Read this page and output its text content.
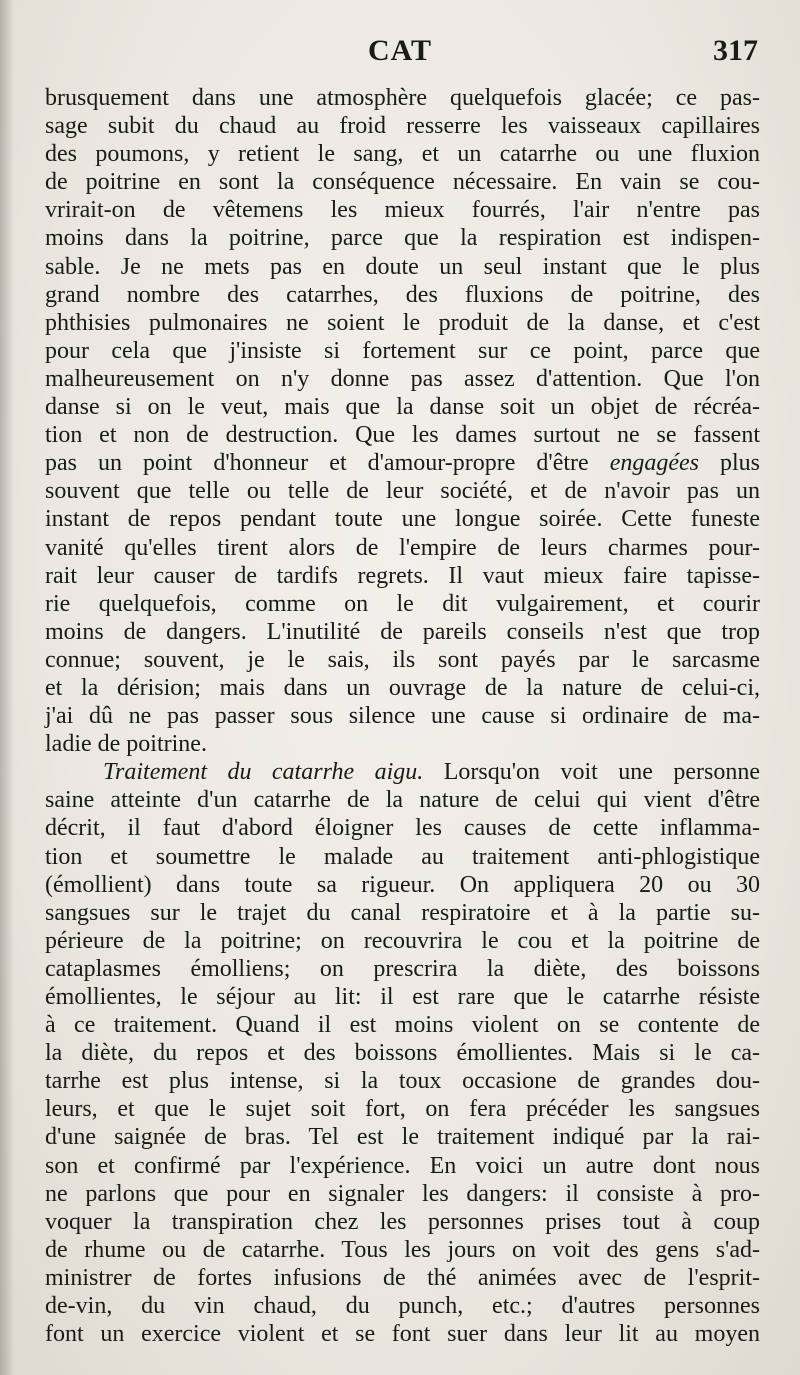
CAT	317
brusquement dans une atmosphère quelquefois glacée; ce pas-
sage subit du chaud au froid resserre les vaisseaux capillaires
des poumons, y retient le sang, et un catarrhe ou une fluxion
de poitrine en sont la conséquence nécessaire. En vain se cou-
vrirait-on de vêtemens les mieux fourrés, l'air n'entre pas
moins dans la poitrine, parce que la respiration est indispen-
sable. Je ne mets pas en doute un seul instant que le plus
grand nombre des catarrhes, des fluxions de poitrine, des
phthisies pulmonaires ne soient le produit de la danse, et c'est
pour cela que j'insiste si fortement sur ce point, parce que
malheureusement on n'y donne pas assez d'attention. Que l'on
danse si on le veut, mais que la danse soit un objet de récréa-
tion et non de destruction. Que les dames surtout ne se fassent
pas un point d'honneur et d'amour-propre d'être engagées plus
souvent que telle ou telle de leur société, et de n'avoir pas un
instant de repos pendant toute une longue soirée. Cette funeste
vanité qu'elles tirent alors de l'empire de leurs charmes pour-
rait leur causer de tardifs regrets. Il vaut mieux faire tapisse-
rie quelquefois, comme on le dit vulgairement, et courir
moins de dangers. L'inutilité de pareils conseils n'est que trop
connue; souvent, je le sais, ils sont payés par le sarcasme
et la dérision; mais dans un ouvrage de la nature de celui-ci,
j'ai dû ne pas passer sous silence une cause si ordinaire de ma-
ladie de poitrine.
Traitement du catarrhe aigu. Lorsqu'on voit une personne
saine atteinte d'un catarrhe de la nature de celui qui vient d'être
décrit, il faut d'abord éloigner les causes de cette inflamma-
tion et soumettre le malade au traitement anti-phlogistique
(émollient) dans toute sa rigueur. On appliquera 20 ou 30
sangsues sur le trajet du canal respiratoire et à la partie su-
périeure de la poitrine; on recouvrira le cou et la poitrine de
cataplasmes émolliens; on prescrira la diète, des boissons
émollientes, le séjour au lit: il est rare que le catarrhe résiste
à ce traitement. Quand il est moins violent on se contente de
la diète, du repos et des boissons émollientes. Mais si le ca-
tarrhe est plus intense, si la toux occasione de grandes dou-
leurs, et que le sujet soit fort, on fera précéder les sangsues
d'une saignée de bras. Tel est le traitement indiqué par la rai-
son et confirmé par l'expérience. En voici un autre dont nous
ne parlons que pour en signaler les dangers: il consiste à pro-
voquer la transpiration chez les personnes prises tout à coup
de rhume ou de catarrhe. Tous les jours on voit des gens s'ad-
ministrer de fortes infusions de thé animées avec de l'esprit-
de-vin, du vin chaud, du punch, etc.; d'autres personnes
font un exercice violent et se font suer dans leur lit au moyen
